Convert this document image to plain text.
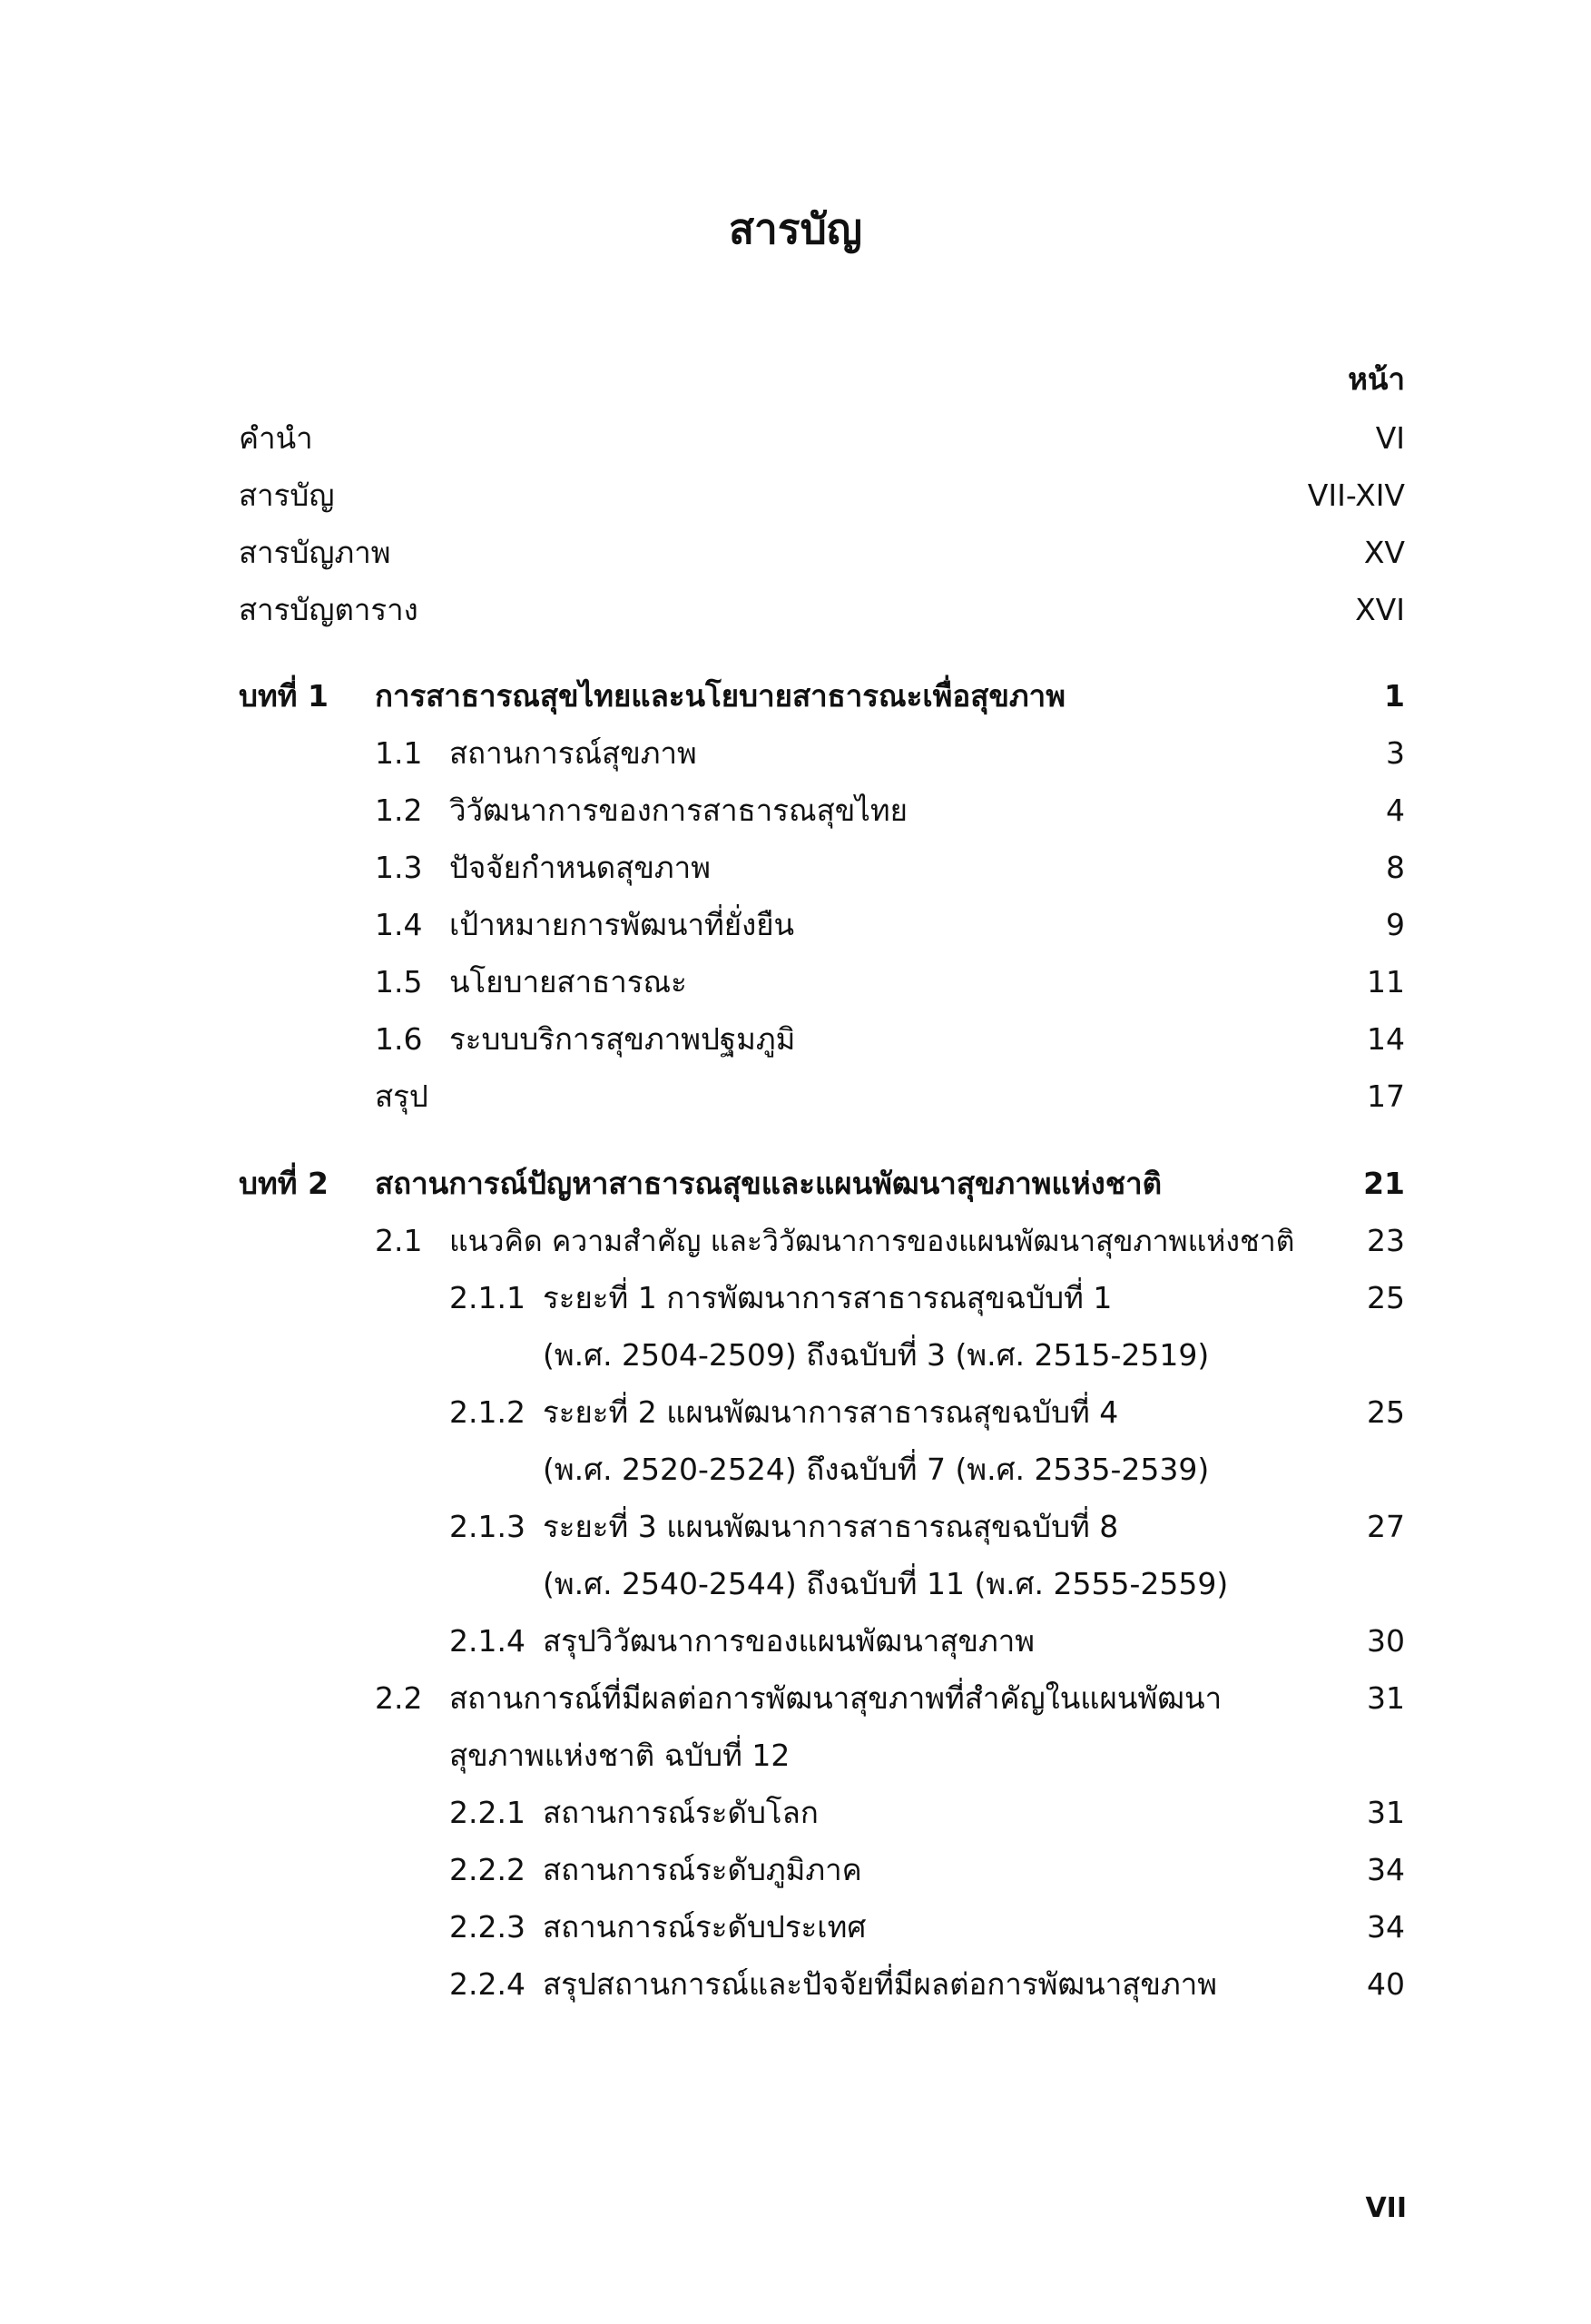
สารบัญ
หน้า
คำนำ	VI
สารบัญ	VII-XIV
สารบัญภาพ	XV
สารบัญตาราง	XVI
บทที่ 1 การสาธารณสุขไทยและนโยบายสาธารณะเพื่อสุขภาพ	1
1.1 สถานการณ์สุขภาพ	3
1.2 วิวัฒนาการของการสาธารณสุขไทย	4
1.3 ปัจจัยกำหนดสุขภาพ	8
1.4 เป้าหมายการพัฒนาที่ยั่งยืน	9
1.5 นโยบายสาธารณะ	11
1.6 ระบบบริการสุขภาพปฐมภูมิ	14
สรุป	17
บทที่ 2 สถานการณ์ปัญหาสาธารณสุขและแผนพัฒนาสุขภาพแห่งชาติ	21
2.1 แนวคิด ความสำคัญ และวิวัฒนาการของแผนพัฒนาสุขภาพแห่งชาติ 23
2.1.1 ระยะที่ 1 การพัฒนาการสาธารณสุขฉบับที่ 1	25
(พ.ศ. 2504-2509) ถึงฉบับที่ 3 (พ.ศ. 2515-2519)
2.1.2 ระยะที่ 2 แผนพัฒนาการสาธารณสุขฉบับที่ 4	25
(พ.ศ. 2520-2524) ถึงฉบับที่ 7 (พ.ศ. 2535-2539)
2.1.3 ระยะที่ 3 แผนพัฒนาการสาธารณสุขฉบับที่ 8	27
(พ.ศ. 2540-2544) ถึงฉบับที่ 11 (พ.ศ. 2555-2559)
2.1.4 สรุปวิวัฒนาการของแผนพัฒนาสุขภาพ	30
2.2 สถานการณ์ที่มีผลต่อการพัฒนาสุขภาพที่สำคัญในแผนพัฒนา	31
สุขภาพแห่งชาติ ฉบับที่ 12
2.2.1 สถานการณ์ระดับโลก	31
2.2.2 สถานการณ์ระดับภูมิภาค	34
2.2.3 สถานการณ์ระดับประเทศ	34
2.2.4 สรุปสถานการณ์และปัจจัยที่มีผลต่อการพัฒนาสุขภาพ	40
VII
